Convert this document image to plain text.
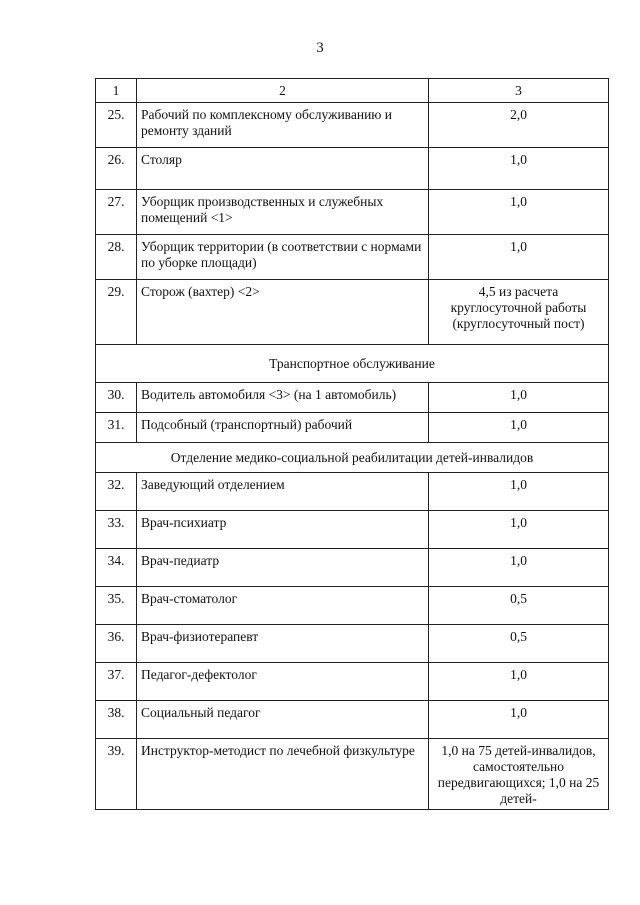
3
1	2	3
25.	Рабочий по комплексному обслуживанию и ремонту зданий	2,0
26.	Столяр	1,0
27.	Уборщик производственных и служебных помещений <1>	1,0
28.	Уборщик территории (в соответствии с нормами по уборке площади)	1,0
29.	Сторож (вахтер) <2>	4,5 из расчета круглосуточной работы (круглосуточный пост)
Транспортное обслуживание		
30.	Водитель автомобиля <3> (на 1 автомобиль)	1,0
31.	Подсобный (транспортный) рабочий	1,0
Отделение медико-социальной реабилитации детей-инвалидов		
32.	Заведующий отделением	1,0
33.	Врач-психиатр	1,0
34.	Врач-педиатр	1,0
35.	Врач-стоматолог	0,5
36.	Врач-физиотерапевт	0,5
37.	Педагог-дефектолог	1,0
38.	Социальный педагог	1,0
39.	Инструктор-методист по лечебной физкультуре	1,0 на 75 детей-инвалидов, самостоятельно передвигающихся; 1,0 на 25 детей-
